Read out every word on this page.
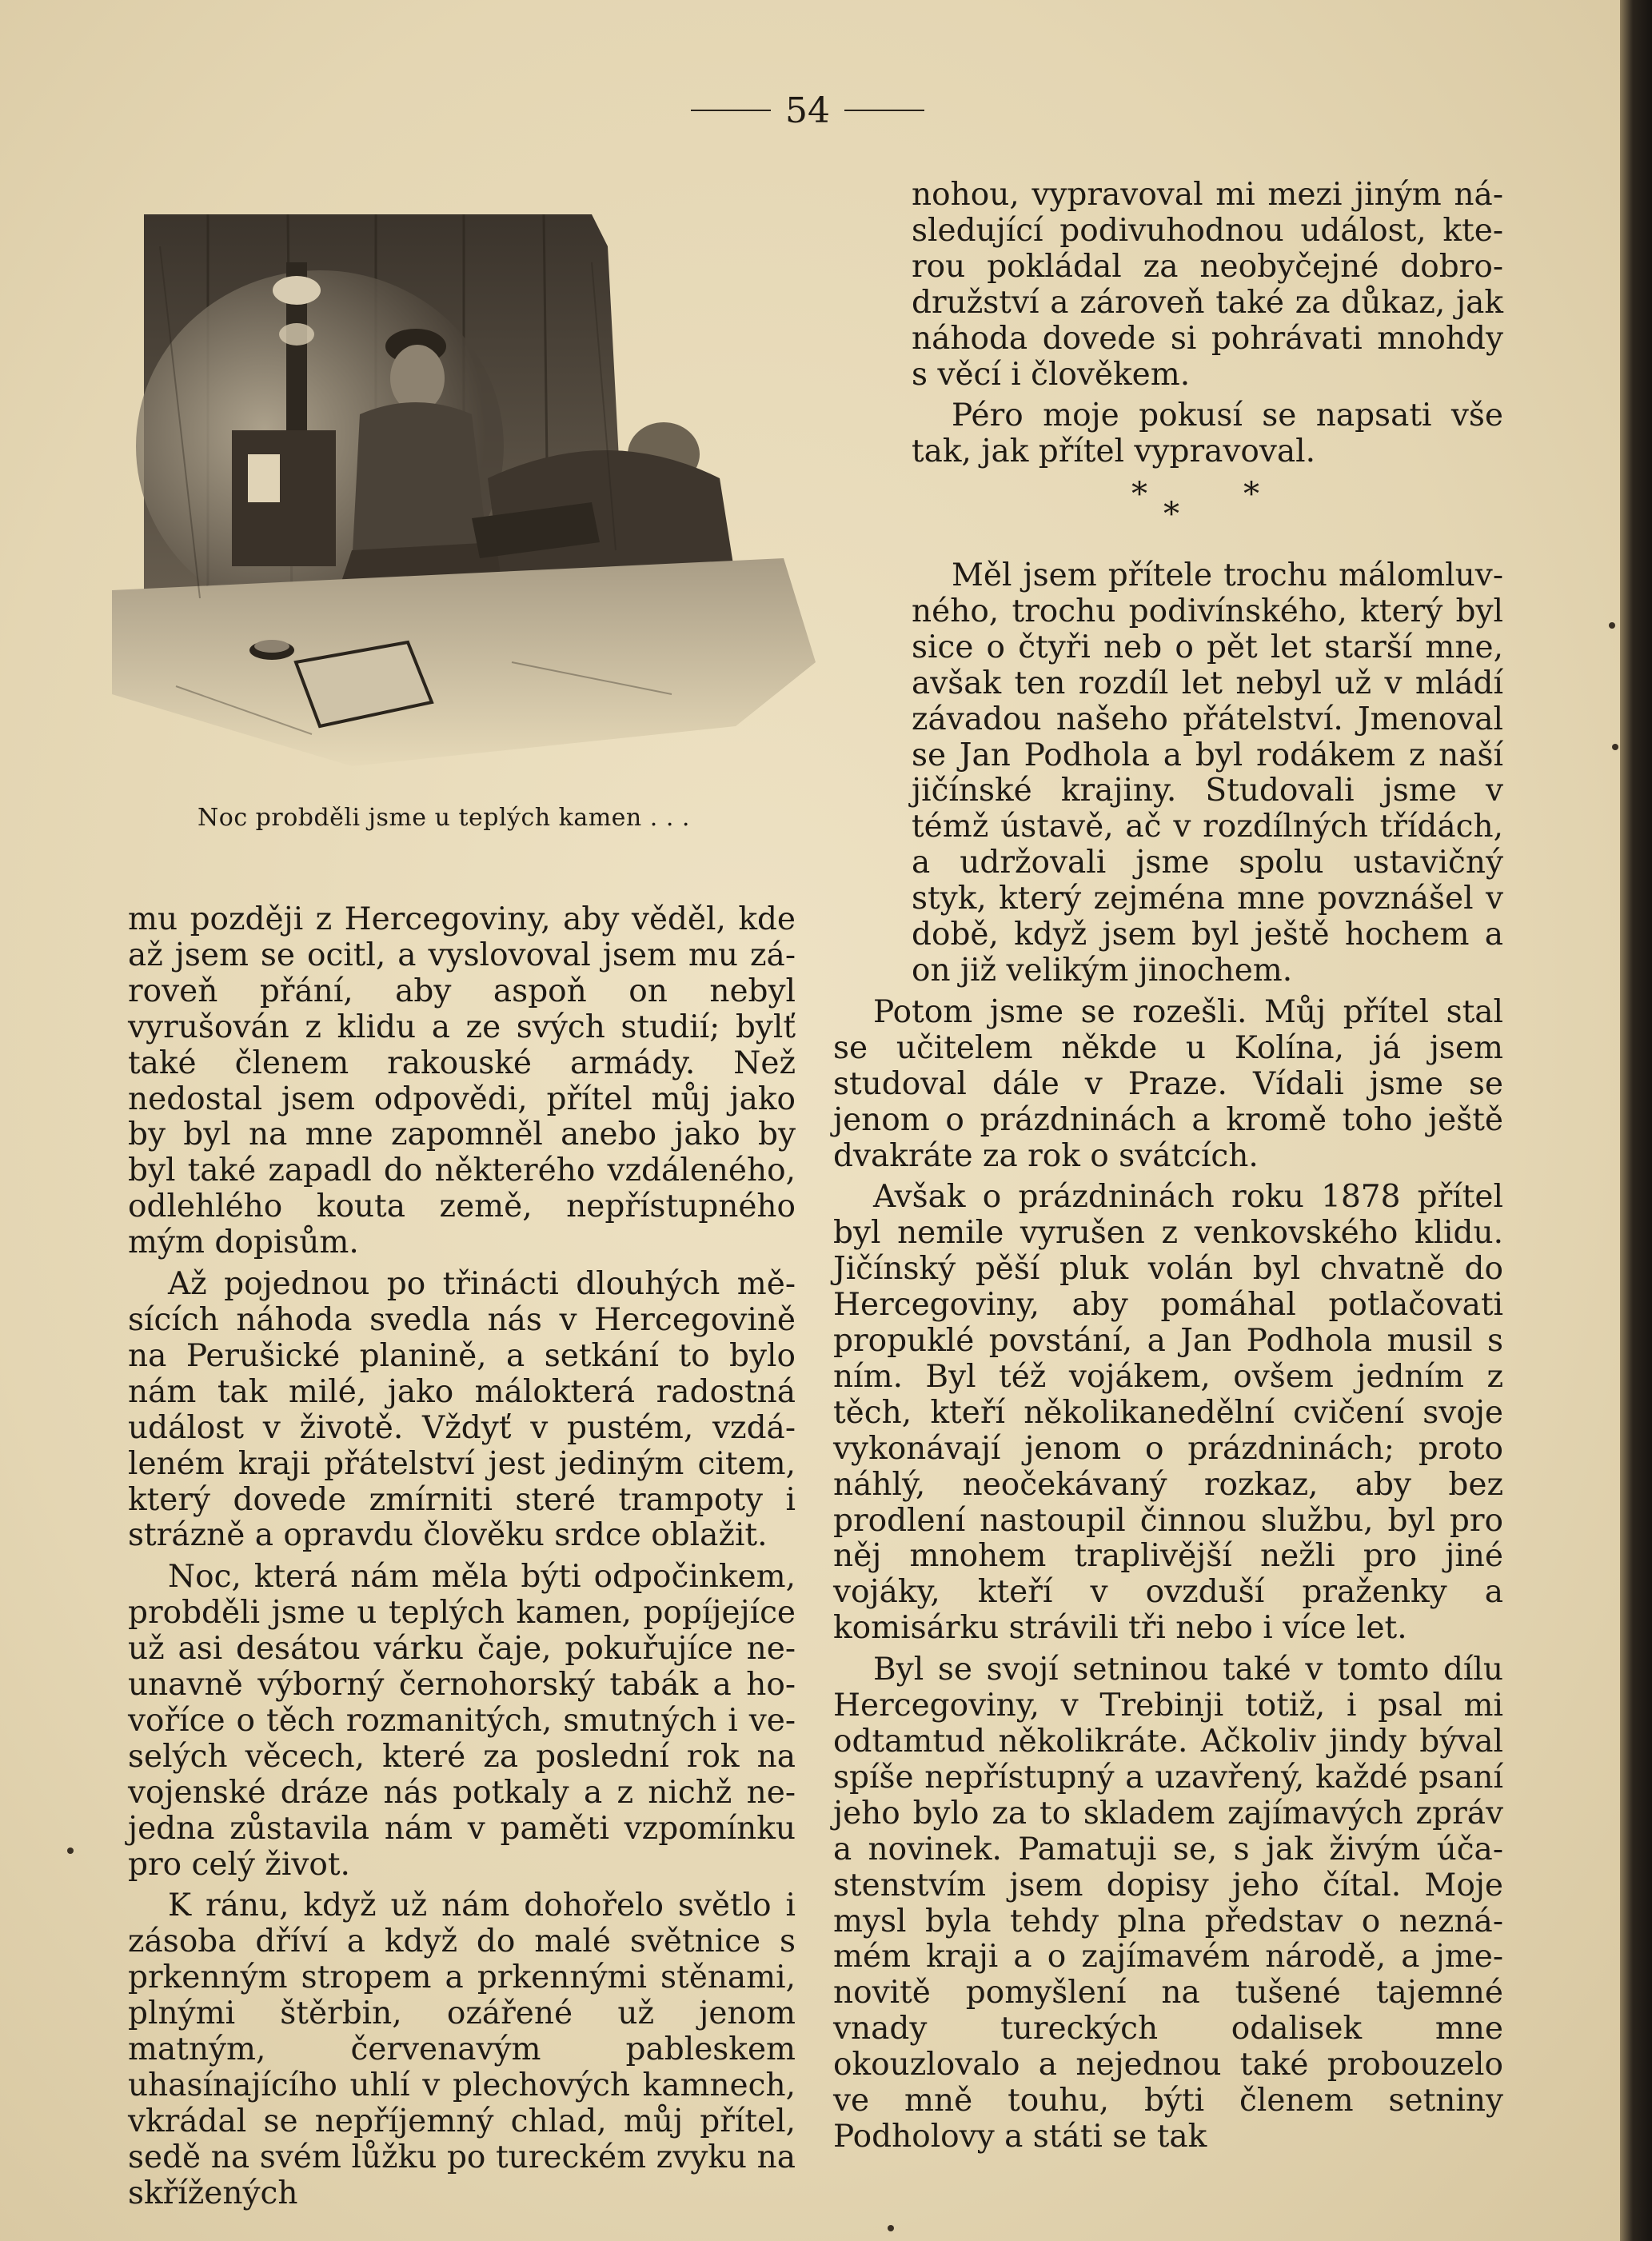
54
Noc probděli jsme u teplých kamen . . .
*
*
*

mu později z Hercegoviny, aby věděl, kde až jsem se ocitl, a vyslovoval jsem mu zároveň přání, aby aspoň on nebyl vyrušován z klidu a ze svých studií; bylť také členem rakouské armády. Než nedostal jsem odpovědi, přítel můj jako by byl na mne zapomněl anebo jako by byl také zapadl do některého vzdáleného, odlehlého kouta země, nepřístupného mým dopisům.

Až pojednou po třinácti dlouhých měsících náhoda svedla nás v Hercegovině na Perušické planině, a setkání to bylo nám tak milé, jako málokterá radostná událost v životě. Vždyť v pustém, vzdáleném kraji přátelství jest jediným citem, který dovede zmírniti steré trampoty i strázně a opravdu člověku srdce oblažit.

Noc, která nám měla býti odpočinkem, probděli jsme u teplých kamen, popíjejíce už asi desátou várku čaje, pokuřujíce neunavně výborný černohorský tabák a hovoříce o těch rozmanitých, smutných i veselých věcech, které za poslední rok na vojenské dráze nás potkaly a z nichž nejedna zůstavila nám v paměti vzpomínku pro celý život.

K ránu, když už nám dohořelo světlo i zásoba dříví a když do malé světnice s prkenným stropem a prkennými stěnami, plnými štěrbin, ozářené už jenom matným, červenavým pableskem uhasínajícího uhlí v plechových kamnech, vkrádal se nepříjemný chlad, můj přítel, sedě na svém lůžku po tureckém zvyku na skřížených

nohou, vypravoval mi mezi jiným následující podivuhodnou událost, kterou pokládal za neobyčejné dobrodružství a zároveň také za důkaz, jak náhoda dovede si pohrávati mnohdy s věcí i člověkem.

Péro moje pokusí se napsati vše tak, jak přítel vypravoval.

Měl jsem přítele trochu málomluvného, trochu podivínského, který byl sice o čtyři neb o pět let starší mne, avšak ten rozdíl let nebyl už v mládí závadou našeho přátelství. Jmenoval se Jan Podhola a byl rodákem z naší jičínské krajiny. Studovali jsme v témž ústavě, ač v rozdílných třídách, a udržovali jsme spolu ustavičný styk, který zejména mne povznášel v době, když jsem byl ještě hochem a on již velikým jinochem.

Potom jsme se rozešli. Můj přítel stal se učitelem někde u Kolína, já jsem studoval dále v Praze. Vídali jsme se jenom o prázdninách a kromě toho ještě dvakráte za rok o svátcích.

Avšak o prázdninách roku 1878 přítel byl nemile vyrušen z venkovského klidu. Jičínský pěší pluk volán byl chvatně do Hercegoviny, aby pomáhal potlačovati propuklé povstání, a Jan Podhola musil s ním. Byl též vojákem, ovšem jedním z těch, kteří několikanedělní cvičení svoje vykonávají jenom o prázdninách; proto náhlý, neočekávaný rozkaz, aby bez prodlení nastoupil činnou službu, byl pro něj mnohem traplivější nežli pro jiné vojáky, kteří v ovzduší praženky a komisárku strávili tři nebo i více let.

Byl se svojí setninou také v tomto dílu Hercegoviny, v Trebinji totiž, i psal mi odtamtud několikráte. Ačkoliv jindy býval spíše nepřístupný a uzavřený, každé psaní jeho bylo za to skladem zajímavých zpráv a novinek. Pamatuji se, s jak živým účastenstvím jsem dopisy jeho čítal. Moje mysl byla tehdy plna představ o neznámém kraji a o zajímavém národě, a jmenovitě pomyšlení na tušené tajemné vnady tureckých odalisek mne okouzlovalo a nejednou také probouzelo ve mně touhu, býti členem setniny Podholovy a státi se tak
